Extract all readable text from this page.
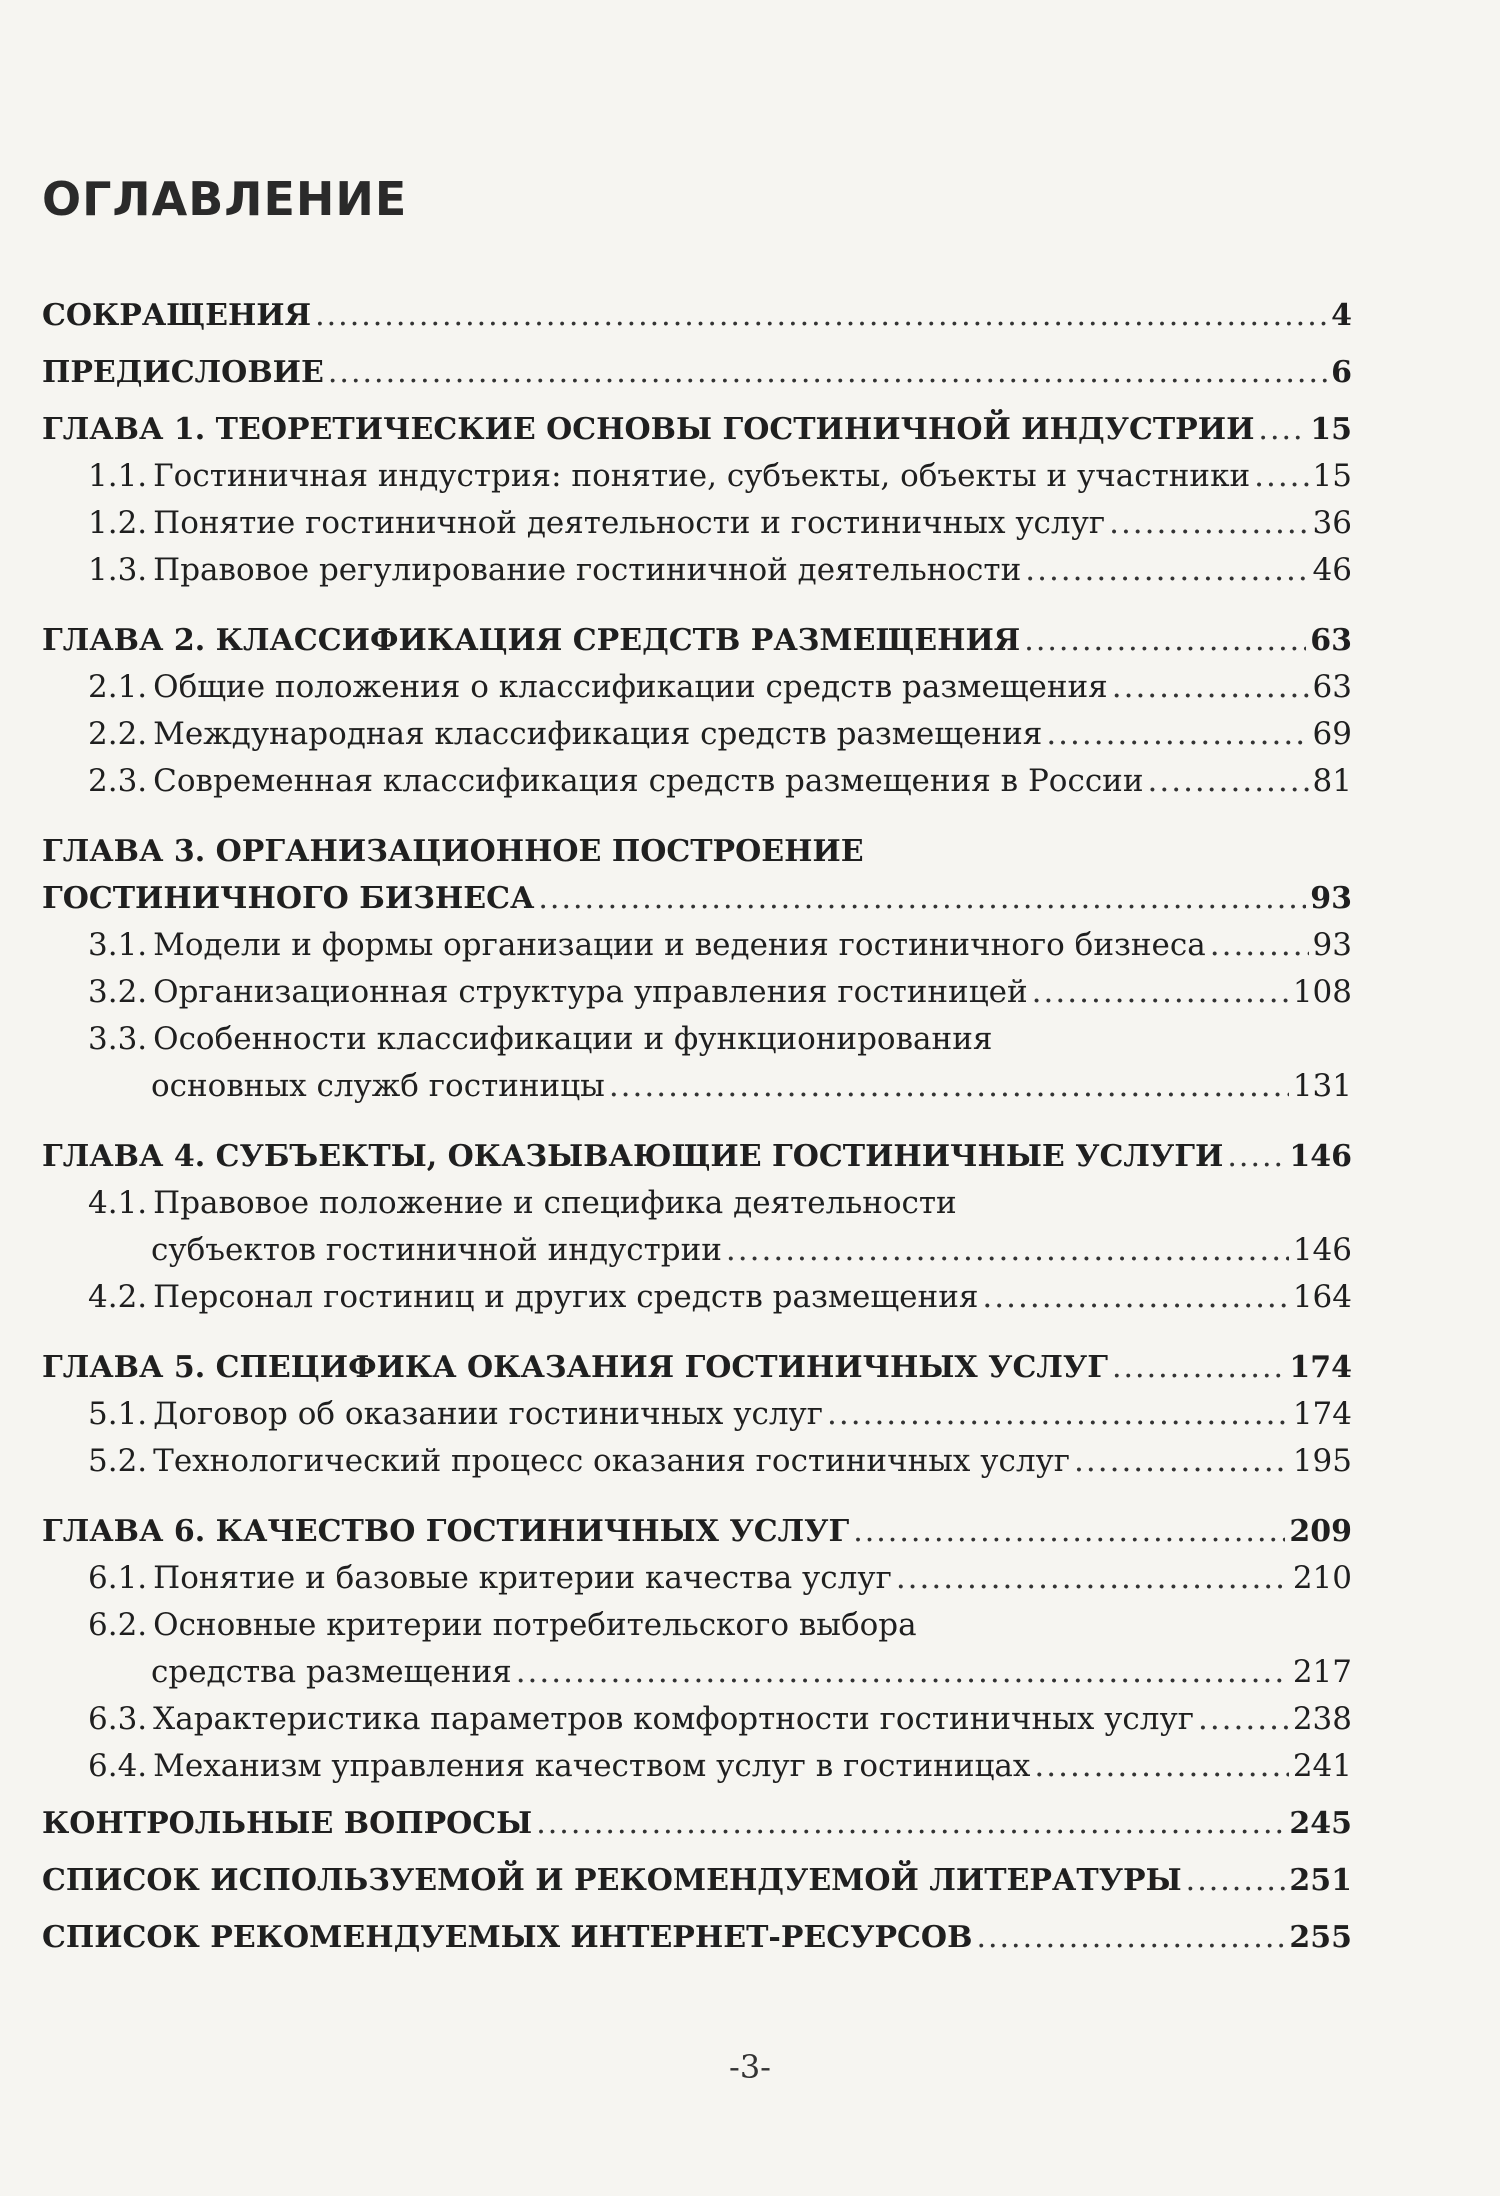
ОГЛАВЛЕНИЕ
СОКРАЩЕНИЯ .....	4
ПРЕДИСЛОВИЕ .....	6
ГЛАВА 1. ТЕОРЕТИЧЕСКИЕ ОСНОВЫ ГОСТИНИЧНОЙ ИНДУСТРИИ ..... 15
1.1. Гостиничная индустрия: понятие, субъекты, объекты и участники ..... 15
1.2. Понятие гостиничной деятельности и гостиничных услуг .....	36
1.3. Правовое регулирование гостиничной деятельности .....	46
ГЛАВА 2. КЛАССИФИКАЦИЯ СРЕДСТВ РАЗМЕЩЕНИЯ .....	63
2.1. Общие положения о классификации средств размещения .....	63
2.2. Международная классификация средств размещения .....	69
2.3. Современная классификация средств размещения в России .....	81
ГЛАВА 3. ОРГАНИЗАЦИОННОЕ ПОСТРОЕНИЕ
ГОСТИНИЧНОГО БИЗНЕСА .....	93
3.1. Модели и формы организации и ведения гостиничного бизнеса .....	93
3.2. Организационная структура управления гостиницей .....	108
3.3. Особенности классификации и функционирования
основных служб гостиницы .....	131
ГЛАВА 4. СУБЪЕКТЫ, ОКАЗЫВАЮЩИЕ ГОСТИНИЧНЫЕ УСЛУГИ ..... 146
4.1. Правовое положение и специфика деятельности
субъектов гостиничной индустрии .....	146
4.2. Персонал гостиниц и других средств размещения .....	164
ГЛАВА 5. СПЕЦИФИКА ОКАЗАНИЯ ГОСТИНИЧНЫХ УСЛУГ .....	174
5.1. Договор об оказании гостиничных услуг .....	174
5.2. Технологический процесс оказания гостиничных услуг .....	195
ГЛАВА 6. КАЧЕСТВО ГОСТИНИЧНЫХ УСЛУГ .....	209
6.1. Понятие и базовые критерии качества услуг .....	210
6.2. Основные критерии потребительского выбора
средства размещения .....	217
6.3. Характеристика параметров комфортности гостиничных услуг .....	238
6.4. Механизм управления качеством услуг в гостиницах .....	241
КОНТРОЛЬНЫЕ ВОПРОСЫ .....	245
СПИСОК ИСПОЛЬЗУЕМОЙ И РЕКОМЕНДУЕМОЙ ЛИТЕРАТУРЫ .....	251
СПИСОК РЕКОМЕНДУЕМЫХ ИНТЕРНЕТ-РЕСУРСОВ .....	255
-3-
